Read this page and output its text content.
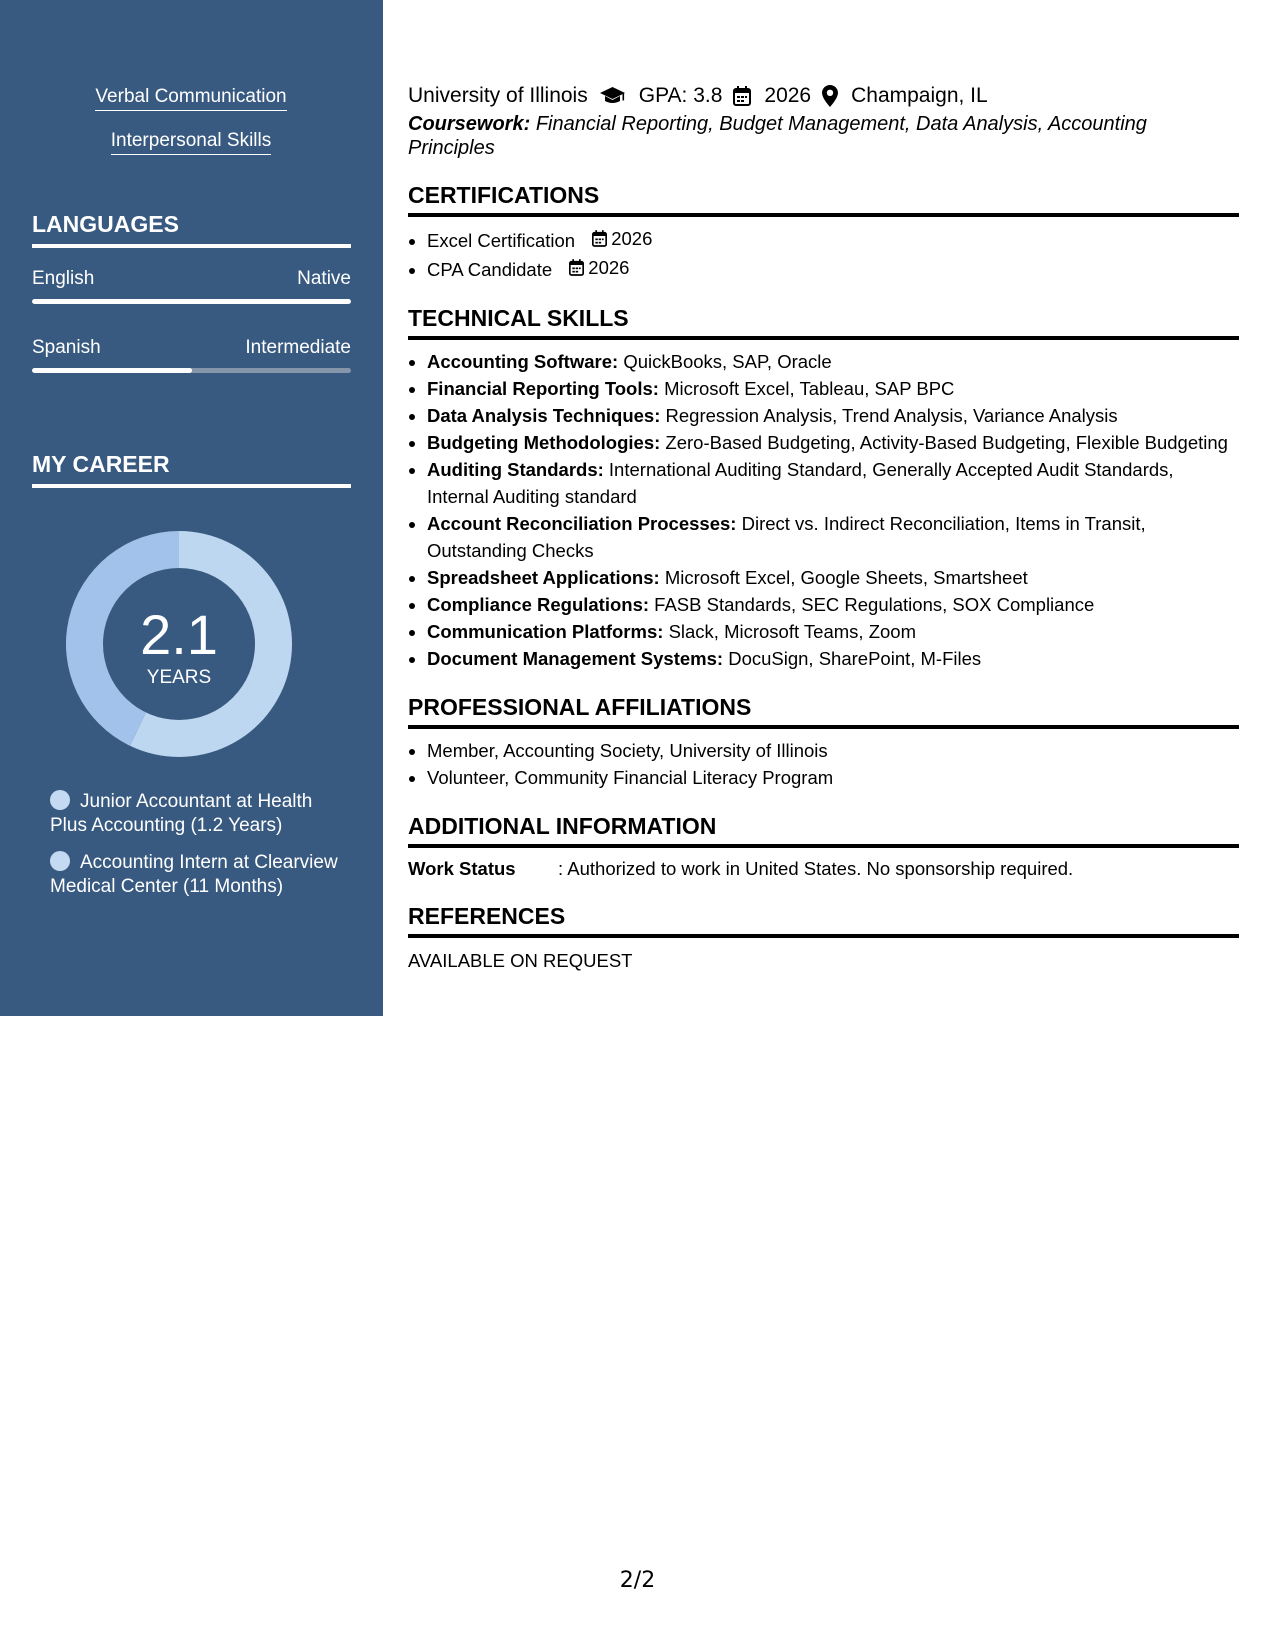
Verbal Communication
Interpersonal Skills
LANGUAGES
English	Native
Spanish	Intermediate
MY CAREER
2.1
YEARS
Junior Accountant at Health Plus Accounting (1.2 Years)
Accounting Intern at Clearview Medical Center (11 Months)
University of Illinois GPA: 3.8 2026 Champaign, IL
Coursework: Financial Reporting, Budget Management, Data Analysis, Accounting Principles
CERTIFICATIONS
• Excel Certification 2026
• CPA Candidate 2026
TECHNICAL SKILLS
• Accounting Software: QuickBooks, SAP, Oracle
• Financial Reporting Tools: Microsoft Excel, Tableau, SAP BPC
• Data Analysis Techniques: Regression Analysis, Trend Analysis, Variance Analysis
• Budgeting Methodologies: Zero-Based Budgeting, Activity-Based Budgeting, Flexible Budgeting
• Auditing Standards: International Auditing Standard, Generally Accepted Audit Standards, Internal Auditing standard
• Account Reconciliation Processes: Direct vs. Indirect Reconciliation, Items in Transit, Outstanding Checks
• Spreadsheet Applications: Microsoft Excel, Google Sheets, Smartsheet
• Compliance Regulations: FASB Standards, SEC Regulations, SOX Compliance
• Communication Platforms: Slack, Microsoft Teams, Zoom
• Document Management Systems: DocuSign, SharePoint, M-Files
PROFESSIONAL AFFILIATIONS
• Member, Accounting Society, University of Illinois
• Volunteer, Community Financial Literacy Program
ADDITIONAL INFORMATION
Work Status	: Authorized to work in United States. No sponsorship required.
REFERENCES
AVAILABLE ON REQUEST
2/2
